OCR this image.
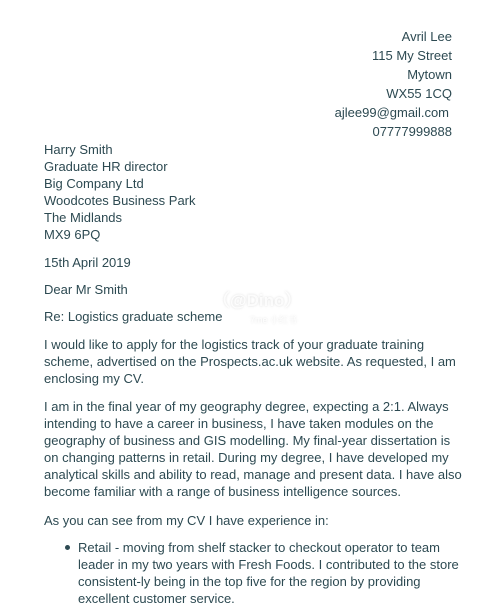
Avril Lee
115 My Street
Mytown
WX55 1CQ
ajlee99@gmail.com
07777999888
Harry Smith
Graduate HR director
Big Company Ltd
Woodcotes Business Park
The Midlands
MX9 6PQ
15th April 2019
Dear Mr Smith
Re: Logistics graduate scheme

I would like to apply for the logistics track of your graduate training scheme, advertised on the Prospects.ac.uk website. As requested, I am enclosing my CV.

I am in the final year of my geography degree, expecting a 2:1. Always intending to have a career in business, I have taken modules on the geography of business and GIS modelling. My final-year dissertation is on changing patterns in retail. During my degree, I have developed my analytical skills and ability to read, manage and present data. I have also become familiar with a range of business intelligence sources.

As you can see from my CV I have experience in:

Retail - moving from shelf stacker to checkout operator to team leader in my two years with Fresh Foods. I contributed to the store consistent-ly being in the top five for the region by providing excellent customer service.
（@Dino）
7me 小红书
